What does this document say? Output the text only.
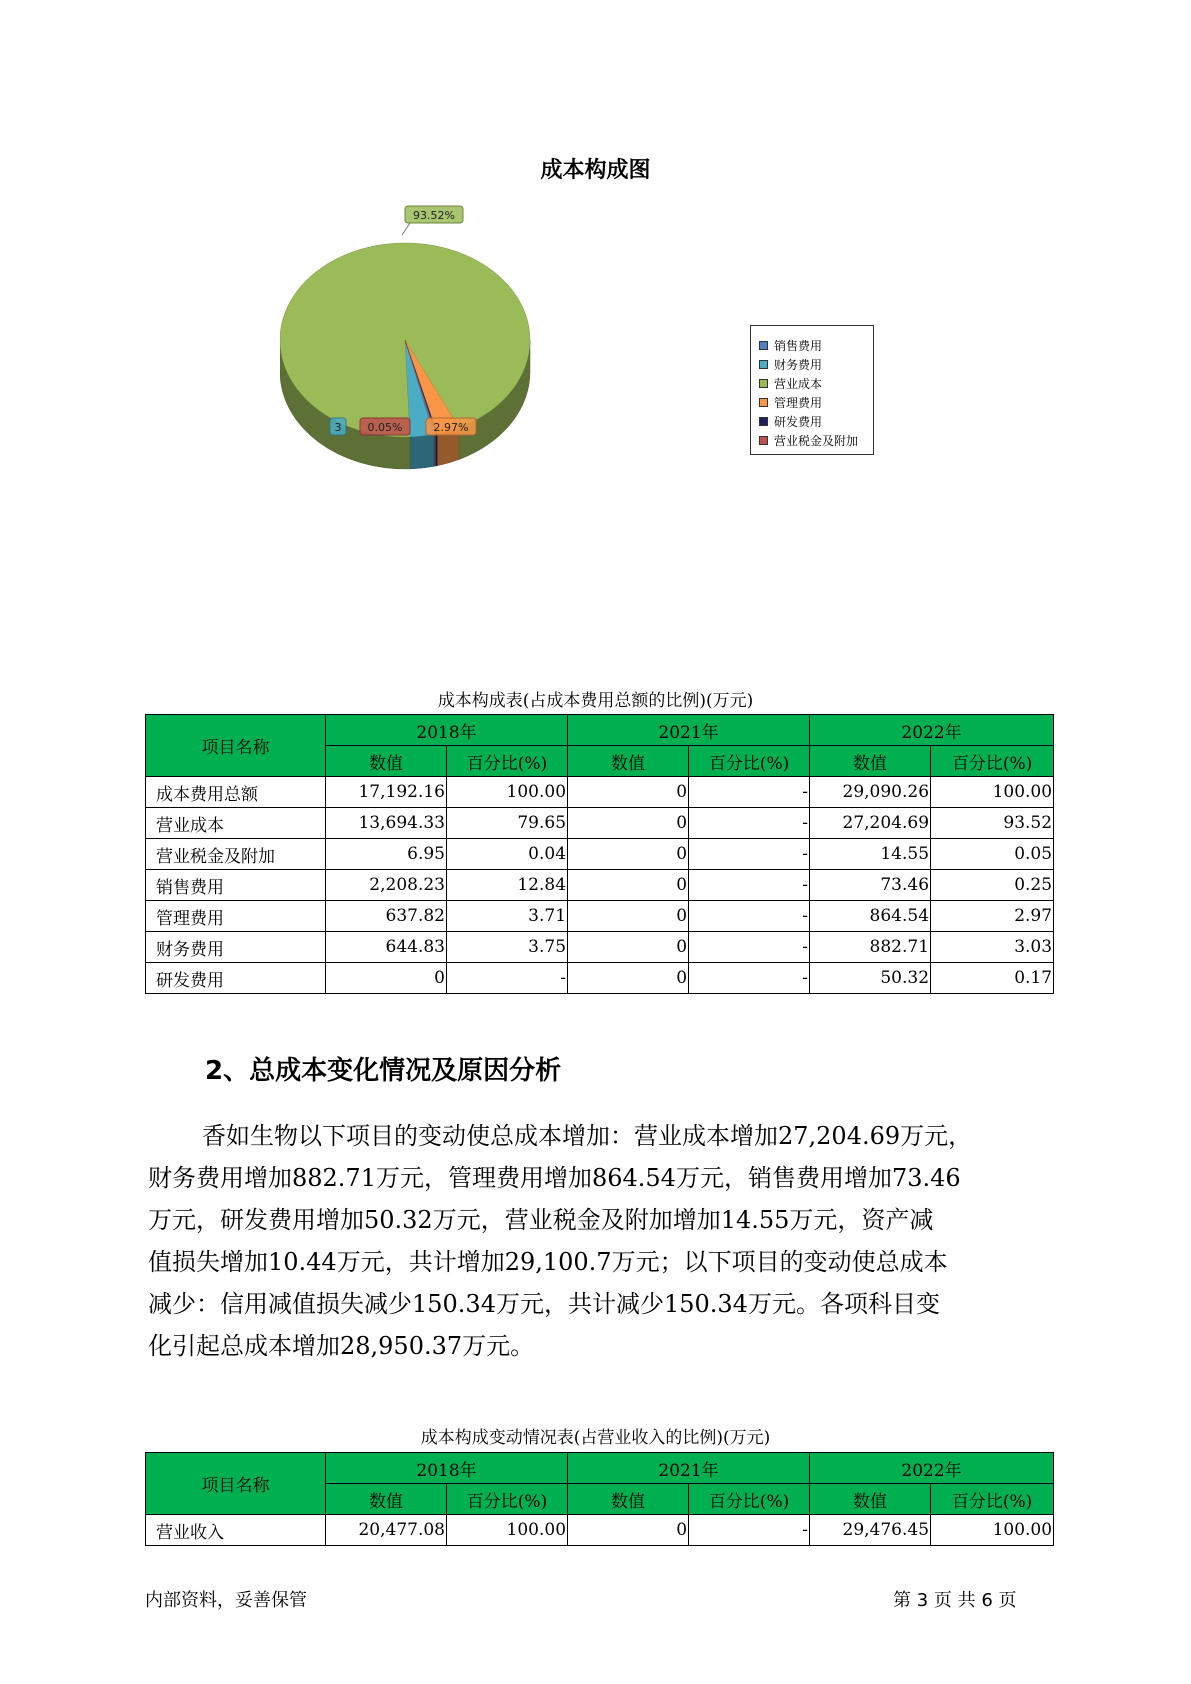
成本构成图
3
93.52%
2.97%
0.05%
销售费用
财务费用
营业成本
管理费用
研发费用
营业税金及附加
成本构成表(占成本费用总额的比例)(万元)
项目名称	2018年		2021年		2022年	
	数值	百分比(%)	数值	百分比(%)	数值	百分比(%)
成本费用总额	17,192.16	100.00	0	-	29,090.26	100.00
营业成本	13,694.33	79.65	0	-	27,204.69	93.52
营业税金及附加	6.95	0.04	0	-	14.55	0.05
销售费用	2,208.23	12.84	0	-	73.46	0.25
管理费用	637.82	3.71	0	-	864.54	2.97
财务费用	644.83	3.75	0	-	882.71	3.03
研发费用	0	-	0	-	50.32	0.17
2、总成本变化情况及原因分析
香如生物以下项目的变动使总成本增加：营业成本增加27,204.69万元，
财务费用增加882.71万元，管理费用增加864.54万元，销售费用增加73.46
万元，研发费用增加50.32万元，营业税金及附加增加14.55万元，资产减
值损失增加10.44万元，共计增加29,100.7万元；以下项目的变动使总成本
减少：信用减值损失减少150.34万元，共计减少150.34万元。各项科目变
化引起总成本增加28,950.37万元。
成本构成变动情况表(占营业收入的比例)(万元)
项目名称	2018年		2021年		2022年	
	数值	百分比(%)	数值	百分比(%)	数值	百分比(%)
营业收入	20,477.08	100.00	0	-	29,476.45	100.00
内部资料，妥善保管	第 3 页 共 6 页
